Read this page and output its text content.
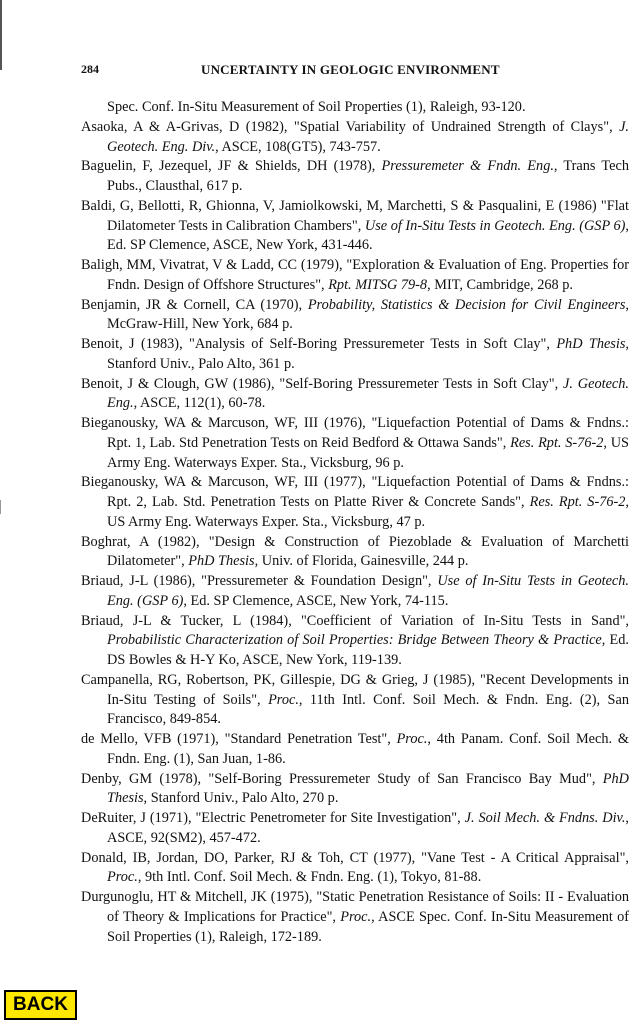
284	UNCERTAINTY IN GEOLOGIC ENVIRONMENT

Spec. Conf. In-Situ Measurement of Soil Properties (1), Raleigh, 93-120.

Asaoka, A & A-Grivas, D (1982), "Spatial Variability of Undrained Strength of Clays", J. Geotech. Eng. Div., ASCE, 108(GT5), 743-757.

Baguelin, F, Jezequel, JF & Shields, DH (1978), Pressuremeter & Fndn. Eng., Trans Tech Pubs., Clausthal, 617 p.

Baldi, G, Bellotti, R, Ghionna, V, Jamiolkowski, M, Marchetti, S & Pasqualini, E (1986) "Flat Dilatometer Tests in Calibration Chambers", Use of In-Situ Tests in Geotech. Eng. (GSP 6), Ed. SP Clemence, ASCE, New York, 431-446.

Baligh, MM, Vivatrat, V & Ladd, CC (1979), "Exploration & Evaluation of Eng. Properties for Fndn. Design of Offshore Structures", Rpt. MITSG 79-8, MIT, Cambridge, 268 p.

Benjamin, JR & Cornell, CA (1970), Probability, Statistics & Decision for Civil Engineers, McGraw-Hill, New York, 684 p.

Benoit, J (1983), "Analysis of Self-Boring Pressuremeter Tests in Soft Clay", PhD Thesis, Stanford Univ., Palo Alto, 361 p.

Benoit, J & Clough, GW (1986), "Self-Boring Pressuremeter Tests in Soft Clay", J. Geotech. Eng., ASCE, 112(1), 60-78.

Bieganousky, WA & Marcuson, WF, III (1976), "Liquefaction Potential of Dams & Fndns.: Rpt. 1, Lab. Std Penetration Tests on Reid Bedford & Ottawa Sands", Res. Rpt. S-76-2, US Army Eng. Waterways Exper. Sta., Vicksburg, 96 p.

Bieganousky, WA & Marcuson, WF, III (1977), "Liquefaction Potential of Dams & Fndns.: Rpt. 2, Lab. Std. Penetration Tests on Platte River & Concrete Sands", Res. Rpt. S-76-2, US Army Eng. Waterways Exper. Sta., Vicksburg, 47 p.

Boghrat, A (1982), "Design & Construction of Piezoblade & Evaluation of Marchetti Dilatometer", PhD Thesis, Univ. of Florida, Gainesville, 244 p.

Briaud, J-L (1986), "Pressuremeter & Foundation Design", Use of In-Situ Tests in Geotech. Eng. (GSP 6), Ed. SP Clemence, ASCE, New York, 74-115.

Briaud, J-L & Tucker, L (1984), "Coefficient of Variation of In-Situ Tests in Sand", Probabilistic Characterization of Soil Properties: Bridge Between Theory & Practice, Ed. DS Bowles & H-Y Ko, ASCE, New York, 119-139.

Campanella, RG, Robertson, PK, Gillespie, DG & Grieg, J (1985), "Recent Developments in In-Situ Testing of Soils", Proc., 11th Intl. Conf. Soil Mech. & Fndn. Eng. (2), San Francisco, 849-854.

de Mello, VFB (1971), "Standard Penetration Test", Proc., 4th Panam. Conf. Soil Mech. & Fndn. Eng. (1), San Juan, 1-86.

Denby, GM (1978), "Self-Boring Pressuremeter Study of San Francisco Bay Mud", PhD Thesis, Stanford Univ., Palo Alto, 270 p.

DeRuiter, J (1971), "Electric Penetrometer for Site Investigation", J. Soil Mech. & Fndns. Div., ASCE, 92(SM2), 457-472.

Donald, IB, Jordan, DO, Parker, RJ & Toh, CT (1977), "Vane Test - A Critical Appraisal", Proc., 9th Intl. Conf. Soil Mech. & Fndn. Eng. (1), Tokyo, 81-88.

Durgunoglu, HT & Mitchell, JK (1975), "Static Penetration Resistance of Soils: II - Evaluation of Theory & Implications for Practice", Proc., ASCE Spec. Conf. In-Situ Measurement of Soil Properties (1), Raleigh, 172-189.

BACK
